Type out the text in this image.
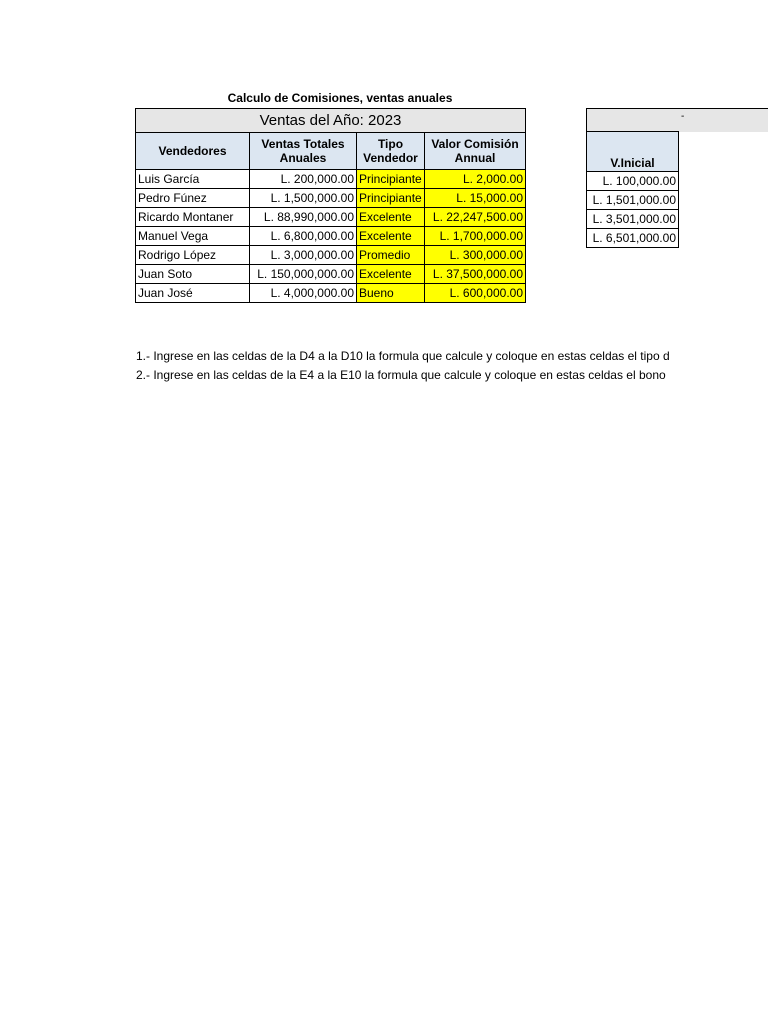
Calculo de Comisiones, ventas anuales
Ventas del Año: 2023			
Vendedores	Ventas Totales Anuales	Tipo Vendedor	Valor Comisión Annual
Luis García	L. 200,000.00	Principiante	L. 2,000.00
Pedro Fúnez	L. 1,500,000.00	Principiante	L. 15,000.00
Ricardo Montaner	L. 88,990,000.00	Excelente	L. 22,247,500.00
Manuel Vega	L. 6,800,000.00	Excelente	L. 1,700,000.00
Rodrigo López	L. 3,000,000.00	Promedio	L. 300,000.00
Juan Soto	L. 150,000,000.00	Excelente	L. 37,500,000.00
Juan José	L. 4,000,000.00	Bueno	L. 600,000.00
-
V.Inicial
L. 100,000.00
L. 1,501,000.00
L. 3,501,000.00
L. 6,501,000.00
1.- Ingrese en las celdas de la D4 a la D10 la formula que calcule y coloque en estas celdas el tipo d
2.- Ingrese en las celdas de la E4 a la E10 la formula que calcule y coloque en estas celdas el bono
